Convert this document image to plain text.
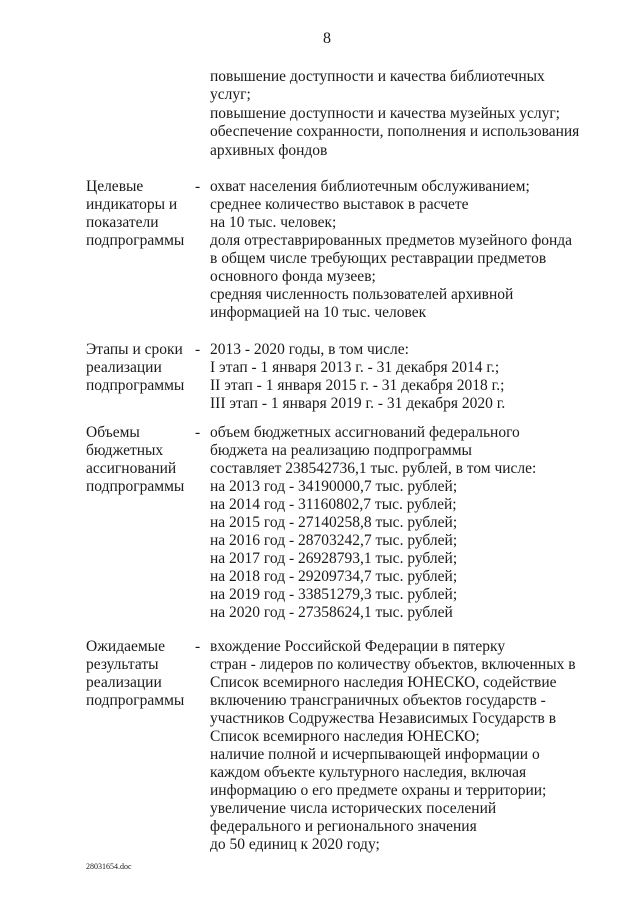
8
повышение доступности и качества библиотечных
услуг;
повышение доступности и качества музейных услуг;
обеспечение сохранности, пополнения и использования
архивных фондов
Целевые
индикаторы и
показатели
подпрограммы
- охват населения библиотечным обслуживанием;
среднее количество выставок в расчете
на 10 тыс. человек;
доля отреставрированных предметов музейного фонда
в общем числе требующих реставрации предметов
основного фонда музеев;
средняя численность пользователей архивной
информацией на 10 тыс. человек
Этапы и сроки
реализации
подпрограммы
- 2013 - 2020 годы, в том числе:
I этап - 1 января 2013 г. - 31 декабря 2014 г.;
II этап - 1 января 2015 г. - 31 декабря 2018 г.;
III этап - 1 января 2019 г. - 31 декабря 2020 г.
Объемы
бюджетных
ассигнований
подпрограммы
- объем бюджетных ассигнований федерального
бюджета на реализацию подпрограммы
составляет 238542736,1 тыс. рублей, в том числе:
на 2013 год - 34190000,7 тыс. рублей;
на 2014 год - 31160802,7 тыс. рублей;
на 2015 год - 27140258,8 тыс. рублей;
на 2016 год - 28703242,7 тыс. рублей;
на 2017 год - 26928793,1 тыс. рублей;
на 2018 год - 29209734,7 тыс. рублей;
на 2019 год - 33851279,3 тыс. рублей;
на 2020 год - 27358624,1 тыс. рублей
Ожидаемые
результаты
реализации
подпрограммы
- вхождение Российской Федерации в пятерку
стран - лидеров по количеству объектов, включенных в
Список всемирного наследия ЮНЕСКО, содействие
включению трансграничных объектов государств -
участников Содружества Независимых Государств в
Список всемирного наследия ЮНЕСКО;
наличие полной и исчерпывающей информации о
каждом объекте культурного наследия, включая
информацию о его предмете охраны и территории;
увеличение числа исторических поселений
федерального и регионального значения
до 50 единиц к 2020 году;
28031654.doc
